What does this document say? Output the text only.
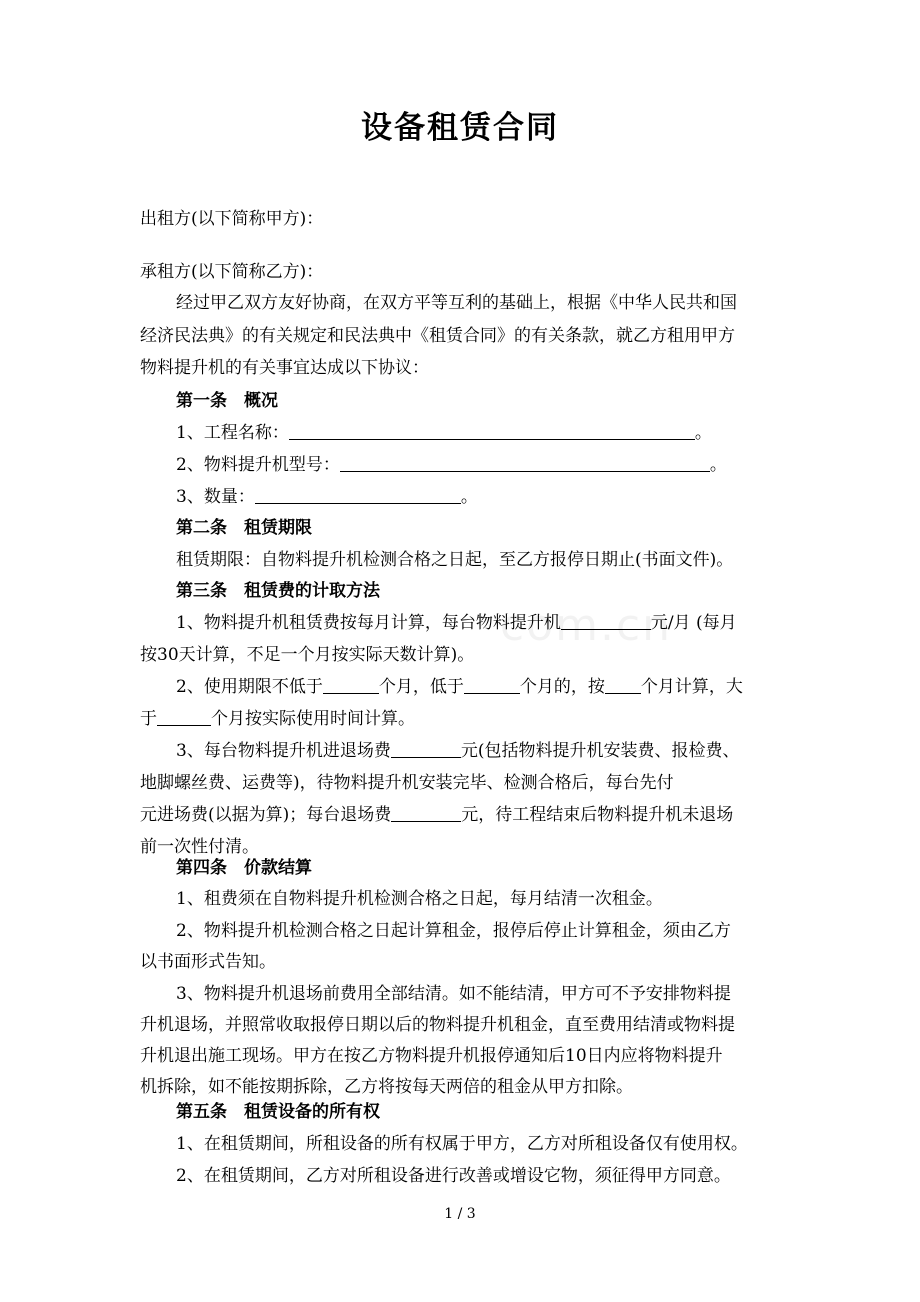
设备租赁合同
com.cn
出租方(以下简称甲方)：
承租方(以下简称乙方)：
经过甲乙双方友好协商，在双方平等互利的基础上，根据《中华人民共和国
经济民法典》的有关规定和民法典中《租赁合同》的有关条款，就乙方租用甲方
物料提升机的有关事宜达成以下协议：
第一条　概况
1、工程名称：	。
2、物料提升机型号：	。
3、数量：	。
第二条　租赁期限
租赁期限：自物料提升机检测合格之日起，至乙方报停日期止(书面文件)。
第三条　租赁费的计取方法
1、物料提升机租赁费按每月计算，每台物料提升机	元/月 (每月
按30天计算，不足一个月按实际天数计算)。
2、使用期限不低于	个月，低于	个月的，按 个月计算，大
于	个月按实际使用时间计算。
3、每台物料提升机进退场费	元(包括物料提升机安装费、报检费、
地脚螺丝费、运费等)，待物料提升机安装完毕、检测合格后，每台先付
元进场费(以据为算)；每台退场费	元，待工程结束后物料提升机未退场
前一次性付清。
第四条　价款结算
1、租费须在自物料提升机检测合格之日起，每月结清一次租金。
2、物料提升机检测合格之日起计算租金，报停后停止计算租金，须由乙方
以书面形式告知。
3、物料提升机退场前费用全部结清。如不能结清，甲方可不予安排物料提
升机退场，并照常收取报停日期以后的物料提升机租金，直至费用结清或物料提
升机退出施工现场。甲方在按乙方物料提升机报停通知后10日内应将物料提升
机拆除，如不能按期拆除，乙方将按每天两倍的租金从甲方扣除。
第五条　租赁设备的所有权
1、在租赁期间，所租设备的所有权属于甲方，乙方对所租设备仅有使用权。
2、在租赁期间，乙方对所租设备进行改善或增设它物，须征得甲方同意。
1 / 3
